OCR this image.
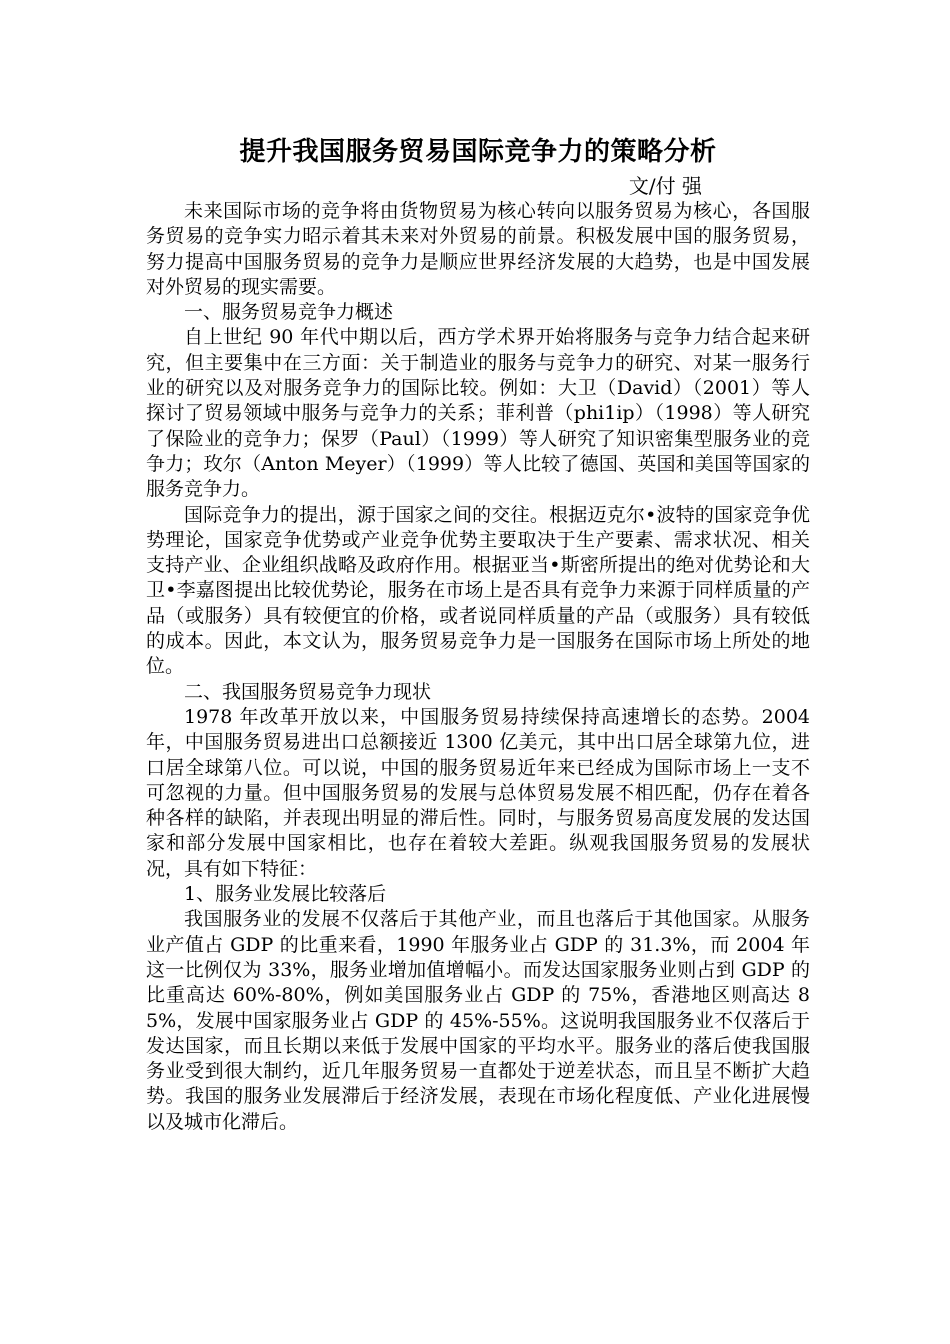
提升我国服务贸易国际竞争力的策略分析

文/付 强

未来国际市场的竞争将由货物贸易为核心转向以服务贸易为核心，各国服务贸易的竞争实力昭示着其未来对外贸易的前景。积极发展中国的服务贸易，努力提高中国服务贸易的竞争力是顺应世界经济发展的大趋势，也是中国发展对外贸易的现实需要。

一、服务贸易竞争力概述

自上世纪 90 年代中期以后，西方学术界开始将服务与竞争力结合起来研究，但主要集中在三方面：关于制造业的服务与竞争力的研究、对某一服务行业的研究以及对服务竞争力的国际比较。例如：大卫（David）（2001）等人探讨了贸易领域中服务与竞争力的关系；菲利普（phi1ip）（1998）等人研究了保险业的竞争力；保罗（Paul）（1999）等人研究了知识密集型服务业的竞争力；玫尔（Anton Meyer）（1999）等人比较了德国、英国和美国等国家的服务竞争力。

国际竞争力的提出，源于国家之间的交往。根据迈克尔•波特的国家竞争优势理论，国家竞争优势或产业竞争优势主要取决于生产要素、需求状况、相关支持产业、企业组织战略及政府作用。根据亚当•斯密所提出的绝对优势论和大卫•李嘉图提出比较优势论，服务在市场上是否具有竞争力来源于同样质量的产品（或服务）具有较便宜的价格，或者说同样质量的产品（或服务）具有较低的成本。因此，本文认为，服务贸易竞争力是一国服务在国际市场上所处的地位。

二、我国服务贸易竞争力现状

1978 年改革开放以来，中国服务贸易持续保持高速增长的态势。2004 年，中国服务贸易进出口总额接近 1300 亿美元，其中出口居全球第九位，进口居全球第八位。可以说，中国的服务贸易近年来已经成为国际市场上一支不可忽视的力量。但中国服务贸易的发展与总体贸易发展不相匹配，仍存在着各种各样的缺陷，并表现出明显的滞后性。同时，与服务贸易高度发展的发达国家和部分发展中国家相比，也存在着较大差距。纵观我国服务贸易的发展状况，具有如下特征：

1、服务业发展比较落后

我国服务业的发展不仅落后于其他产业，而且也落后于其他国家。从服务业产值占 GDP 的比重来看，1990 年服务业占 GDP 的 31.3%，而 2004 年这一比例仅为 33%，服务业增加值增幅小。而发达国家服务业则占到 GDP 的比重高达 60%-80%，例如美国服务业占 GDP 的 75%，香港地区则高达 85%，发展中国家服务业占 GDP 的 45%-55%。这说明我国服务业不仅落后于发达国家，而且长期以来低于发展中国家的平均水平。服务业的落后使我国服务业受到很大制约，近几年服务贸易一直都处于逆差状态，而且呈不断扩大趋势。我国的服务业发展滞后于经济发展，表现在市场化程度低、产业化进展慢以及城市化滞后。
